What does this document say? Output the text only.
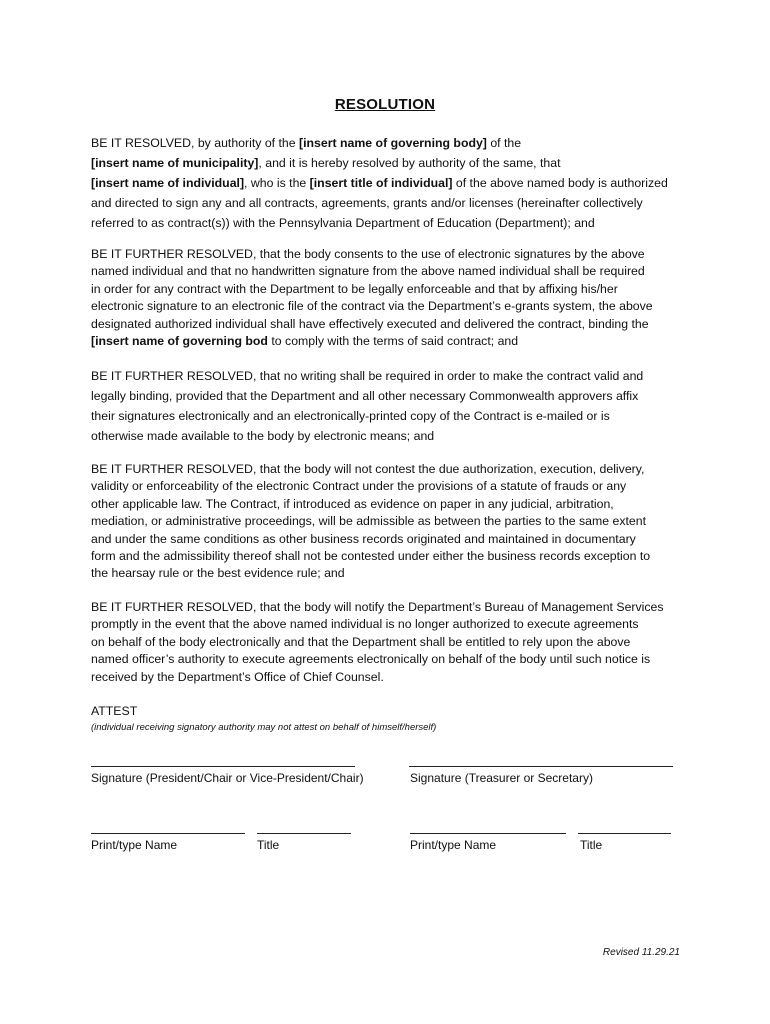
RESOLUTION
BE IT RESOLVED, by authority of the [insert name of governing body] of the
[insert name of municipality], and it is hereby resolved by authority of the same, that
[insert name of individual], who is the [insert title of individual] of the above named body is authorized
and directed to sign any and all contracts, agreements, grants and/or licenses (hereinafter collectively
referred to as contract(s)) with the Pennsylvania Department of Education (Department); and
BE IT FURTHER RESOLVED, that the body consents to the use of electronic signatures by the above
named individual and that no handwritten signature from the above named individual shall be required
in order for any contract with the Department to be legally enforceable and that by affixing his/her
electronic signature to an electronic file of the contract via the Department’s e-grants system, the above
designated authorized individual shall have effectively executed and delivered the contract, binding the
[insert name of governing bod to comply with the terms of said contract; and
BE IT FURTHER RESOLVED, that no writing shall be required in order to make the contract valid and
legally binding, provided that the Department and all other necessary Commonwealth approvers affix
their signatures electronically and an electronically-printed copy of the Contract is e-mailed or is
otherwise made available to the body by electronic means; and
BE IT FURTHER RESOLVED, that the body will not contest the due authorization, execution, delivery,
validity or enforceability of the electronic Contract under the provisions of a statute of frauds or any
other applicable law. The Contract, if introduced as evidence on paper in any judicial, arbitration,
mediation, or administrative proceedings, will be admissible as between the parties to the same extent
and under the same conditions as other business records originated and maintained in documentary
form and the admissibility thereof shall not be contested under either the business records exception to
the hearsay rule or the best evidence rule; and
BE IT FURTHER RESOLVED, that the body will notify the Department’s Bureau of Management Services
promptly in the event that the above named individual is no longer authorized to execute agreements
on behalf of the body electronically and that the Department shall be entitled to rely upon the above
named officer’s authority to execute agreements electronically on behalf of the body until such notice is
received by the Department’s Office of Chief Counsel.
ATTEST
(individual receiving signatory authority may not attest on behalf of himself/herself)
Signature (President/Chair or Vice-President/Chair)	Signature (Treasurer or Secretary)
Print/type Name	Title	Print/type Name	Title
Revised 11.29.21
